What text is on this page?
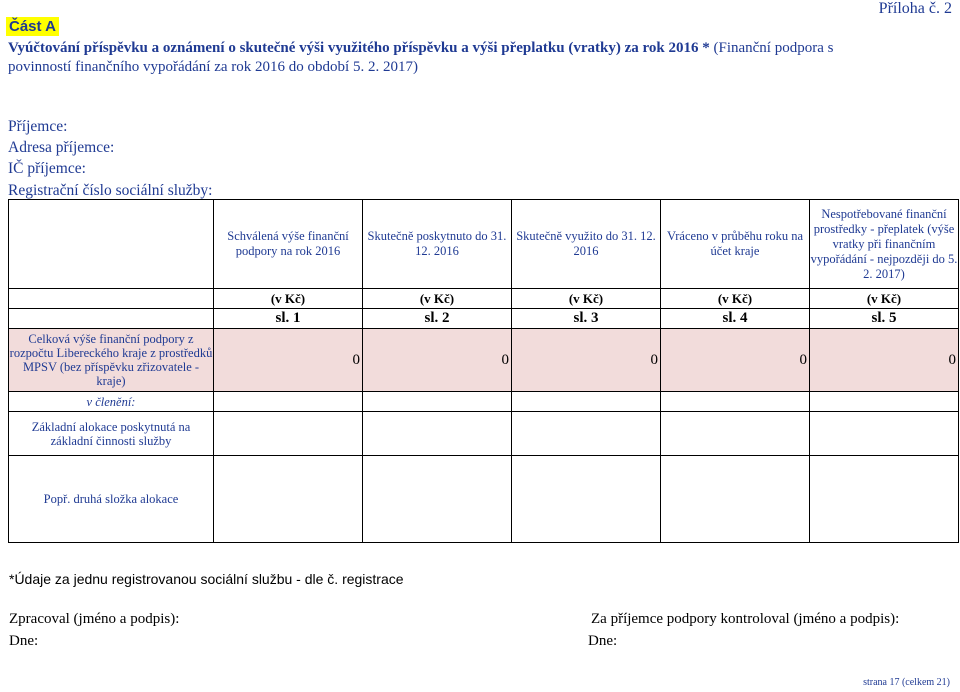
Část A
Příloha č. 2
Vyúčtování příspěvku a oznámení o skutečné výši využitého příspěvku a výši přeplatku (vratky) za rok 2016 * (Finanční podpora s povinností finančního vypořádání za rok 2016 do období 5. 2. 2017)
Příjemce:
Adresa příjemce:
IČ příjemce:
Registrační číslo sociální služby:
	Schválená výše finanční podpory na rok 2016	Skutečně poskytnuto do 31. 12. 2016	Skutečně využito do 31. 12. 2016	Vráceno v průběhu roku na účet kraje	Nespotřebované finanční prostředky - přeplatek (výše vratky při finančním vypořádání - nejpozději do 5. 2. 2017)
	(v Kč)	(v Kč)	(v Kč)	(v Kč)	(v Kč)
	sl. 1	sl. 2	sl. 3	sl. 4	sl. 5
Celková výše finanční podpory z rozpočtu Libereckého kraje z prostředků MPSV (bez příspěvku zřizovatele - kraje)	0	0	0	0	0
v členění:					
Základní alokace poskytnutá na základní činnosti služby					
Popř. druhá složka alokace					
*Údaje za jednu registrovanou sociální službu - dle č. registrace
Zpracoval (jméno a podpis):
Dne:
Za příjemce podpory kontroloval (jméno a podpis):
Dne:
strana 17 (celkem 21)
